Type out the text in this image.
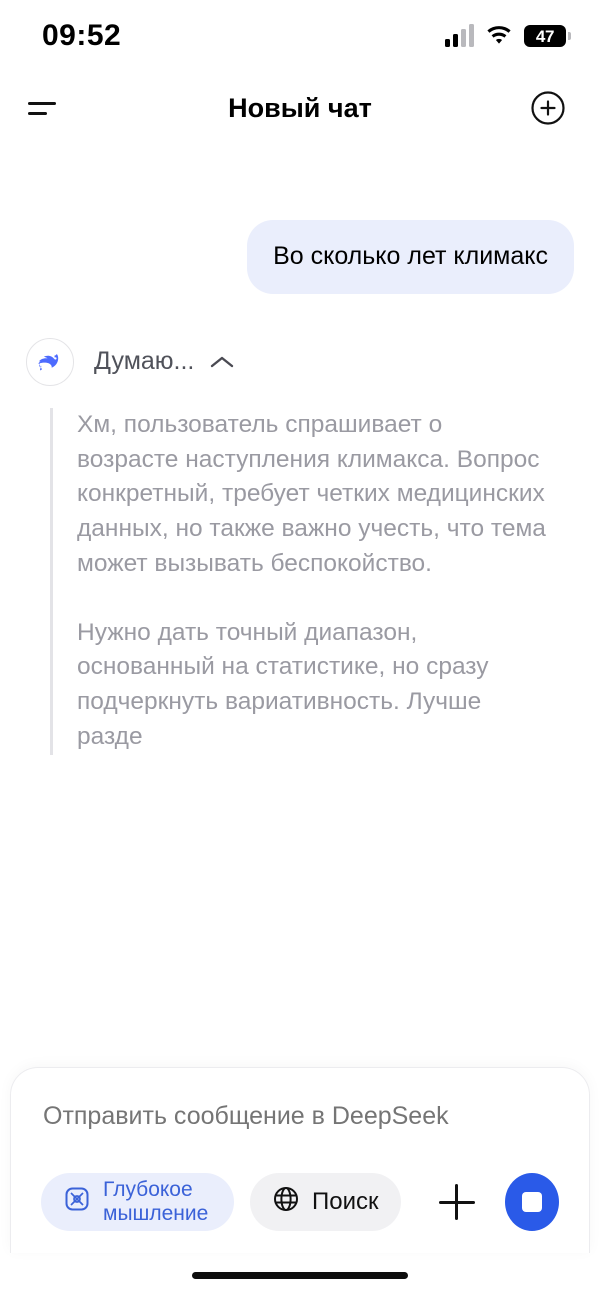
09:52	47
Новый чат
Во сколько лет климакс
Думаю...
Хм, пользователь спрашивает о возрасте наступления климакса. Вопрос конкретный, требует четких медицинских данных, но также важно учесть, что тема может вызывать беспокойство.
Нужно дать точный диапазон, основанный на статистике, но сразу подчеркнуть вариативность. Лучше разде
Отправить сообщение в DeepSeek
Глубокое мышление	Поиск
